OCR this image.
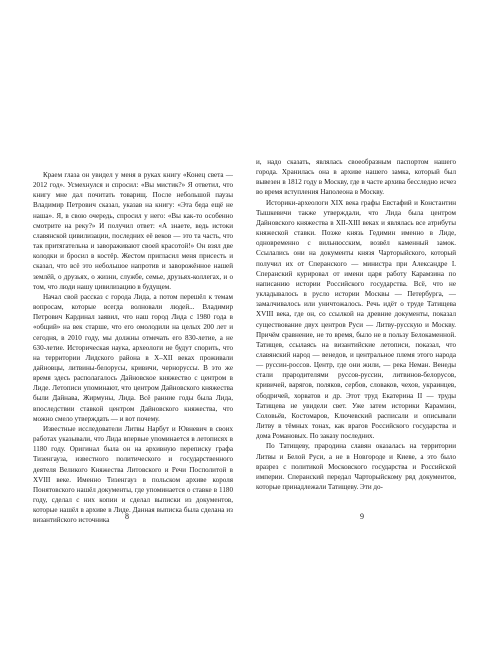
Краем глаза он увидел у меня в руках книгу «Конец света — 2012 год». Усмехнулся и спросил: «Вы мистик?» Я ответил, что книгу мне дал почитать товарищ. После небольшой паузы Владимир Петрович сказал, указав на книгу: «Эта беда ещё не наша». Я, в свою очередь, спросил у него: «Вы как-то особенно смотрите на реку?» И получил ответ: «А знаете, ведь истоки славянской цивилизации, последних её веков — это та часть, что так притягательна и завораживают своей красотой!» Он взял две колодки и бросил в костёр. Жестом пригласил меня присесть и сказал, что всё это небольшое напротив и заворожённое нашей землёй, о друзьях, о жизни, службе, семье, друзьях-коллегах, и о том, что люди нашу цивилизацию в будущем.

Начал свой рассказ с города Лида, а потом перешёл к темам вопросам, которые всегда волновали людей... Владимир Петрович Кардинал заявил, что наш город Лида с 1980 года в «общий» на век старше, что его омолодили на целых 200 лет и сегодня, в 2010 году, мы должны отмечать его 830-летие, а не 630-летие. Историческая наука, археологи не будут спорить, что на территории Лидского района в X–XII веках проживали дайновцы, литвины-белорусы, кривичи, черноруссы. В это же время здесь располагалось Дайновское княжество с центром в Лиде. Летописи упоминают, что центром Дайновского княжества были Дайнава, Жирмуны, Лида. Всё ранние годы была Лида, впоследствии ставкой центром Дайновского княжества, что можно смело утверждать — и вот почему.

Известные исследователи Литвы Нарбут и Ювневич в своих работах указывали, что Лида впервые упоминается в летописях в 1180 году. Оригинал была он на архивную переписку графа Тизенгауза, известного политического и государственного деятеля Великого Княжества Литовского и Речи Посполитой в XVIII веке. Именно Тизенгауз в польском архиве короля Понятовского нашёл документы, где упоминается о ставке в 1180 году, сделал с них копии и сделал выписки из документов, которые нашёл в архиве в Лиде. Данная выписка была сделана из византийского источника	8

и, надо сказать, являлась своеобразным паспортом нашего города. Хранилась она в архиве нашего замка, который был вывезен в 1812 году в Москву, где в часте архива бесследно исчез во время вступления Наполеона в Москву.

Историки-археологи XIX века графы Евстафий и Константин Тышкевичи также утверждали, что Лида была центром Дайновского княжества в XII-XIII веках и являлась все атрибуты княжеской ставки. Позже князь Гедимин именно в Лиде, одновременно с вильнюсским, возвёл каменный замок. Ссылались они на документы князя Чарторыйского, который получил их от Сперанского — министра при Александре I. Сперанский курировал от имени царя работу Карамзина по написанию истории Российского государства. Всё, что не укладывалось в русло истории Москвы — Петербурга, — замалчивалось или уничтожалось. Речь идёт о труде Татищева XVIII века, где он, со ссылкой на древние документы, показал существование двух центров Руси — Литву-русскую и Москву. Причём сравнение, не то время, было не в пользу Белокаменной. Татищев, ссылаясь на византийские летописи, показал, что славянский народ — венедов, и центральное племя этого народа — руссин-россов. Центр, где они жили, — река Неман. Венеды стали прародителями руссов-руссин, литвинов-белорусов, кривичей, варягов, поляков, сербов, словаков, чехов, украинцев, ободричей, хорватов и др. Этот труд Екатерина II — труды Татищева не увидели свет. Уже затем историки Карамзин, Соловьёв, Костомаров, Ключевский расписали и описывали Литву в тёмных тонах, как врагов Российского государства и дома Романовых. По заказу последних.

По Татищеву, прародина славян оказалась на территории Литвы и Белой Руси, а не в Новгороде и Киеве, а это было вразрез с политикой Московского государства и Российской империи. Сперанский передал Чарторыйскому ряд документов, которые принадлежали Татищеву. Эти до-

9
